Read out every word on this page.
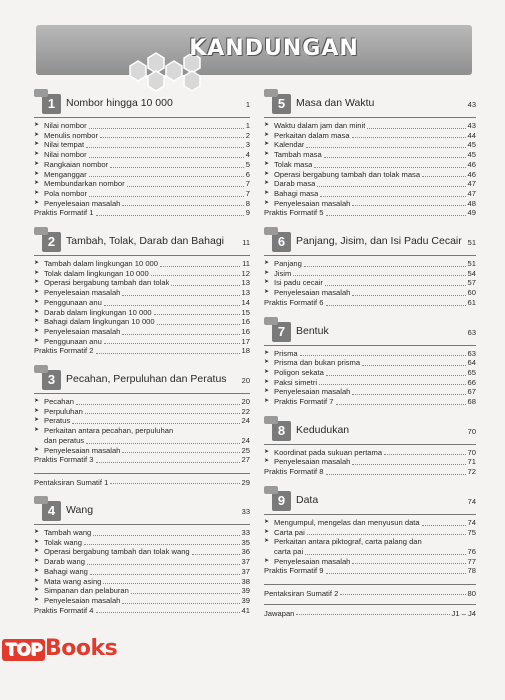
KANDUNGAN
1	Nombor hingga 10 000	1
➤ Nilai nombor	1
➤ Menulis nombor	2
➤ Nilai tempat	3
➤ Nilai nombor	4
➤ Rangkaian nombor	5
➤ Menganggar	6
➤ Membundarkan nombor	7
➤ Pola nombor	7
➤ Penyelesaian masalah	8
Praktis Formatif 1	9
2	Tambah, Tolak, Darab dan Bahagi	11
➤ Tambah dalam lingkungan 10 000	11
➤ Tolak dalam lingkungan 10 000	12
➤ Operasi bergabung tambah dan tolak	13
➤ Penyelesaian masalah	13
➤ Penggunaan anu	14
➤ Darab dalam lingkungan 10 000	15
➤ Bahagi dalam lingkungan 10 000	16
➤ Penyelesaian masalah	16
➤ Penggunaan anu	17
Praktis Formatif 2	18
3	Pecahan, Perpuluhan dan Peratus	20
➤ Pecahan	20
➤ Perpuluhan	22
➤ Peratus	24
➤ Perkaitan antara pecahan, perpuluhan
dan peratus	24
➤ Penyelesaian masalah	25
Praktis Formatif 3	27
Pentaksiran Sumatif 1	29
4	Wang	33
➤ Tambah wang	33
➤ Tolak wang	35
➤ Operasi bergabung tambah dan tolak wang	36
➤ Darab wang	37
➤ Bahagi wang	37
➤ Mata wang asing	38
➤ Simpanan dan pelaburan	39
➤ Penyelesaian masalah	39
Praktis Formatif 4	41
5	Masa dan Waktu	43
➤ Waktu dalam jam dan minit	43
➤ Perkaitan dalam masa	44
➤ Kalendar	45
➤ Tambah masa	45
➤ Tolak masa	46
➤ Operasi bergabung tambah dan tolak masa	46
➤ Darab masa	47
➤ Bahagi masa	47
➤ Penyelesaian masalah	48
Praktis Formatif 5	49
6	Panjang, Jisim, dan Isi Padu Cecair 51
➤ Panjang	51
➤ Jisim	54
➤ Isi padu cecair	57
➤ Penyelesaian masalah	60
Praktis Formatif 6	61
7	Bentuk	63
➤ Prisma	63
➤ Prisma dan bukan prisma	64
➤ Poligon sekata	65
➤ Paksi simetri	66
➤ Penyelesaian masalah	67
➤ Praktis Formatif 7	68
8	Kedudukan	70
➤ Koordinat pada sukuan pertama	70
➤ Penyelesaian masalah	71
Praktis Formatif 8	72
9	Data	74
➤ Mengumpul, mengelas dan menyusun data	74
➤ Carta pai	75
➤ Perkaitan antara piktograf, carta palang dan
carta pai	76
➤ Penyelesaian masalah	77
Praktis Formatif 9	78
Pentaksiran Sumatif 2	80
Jawapan	J1 – J4
TOP Books
